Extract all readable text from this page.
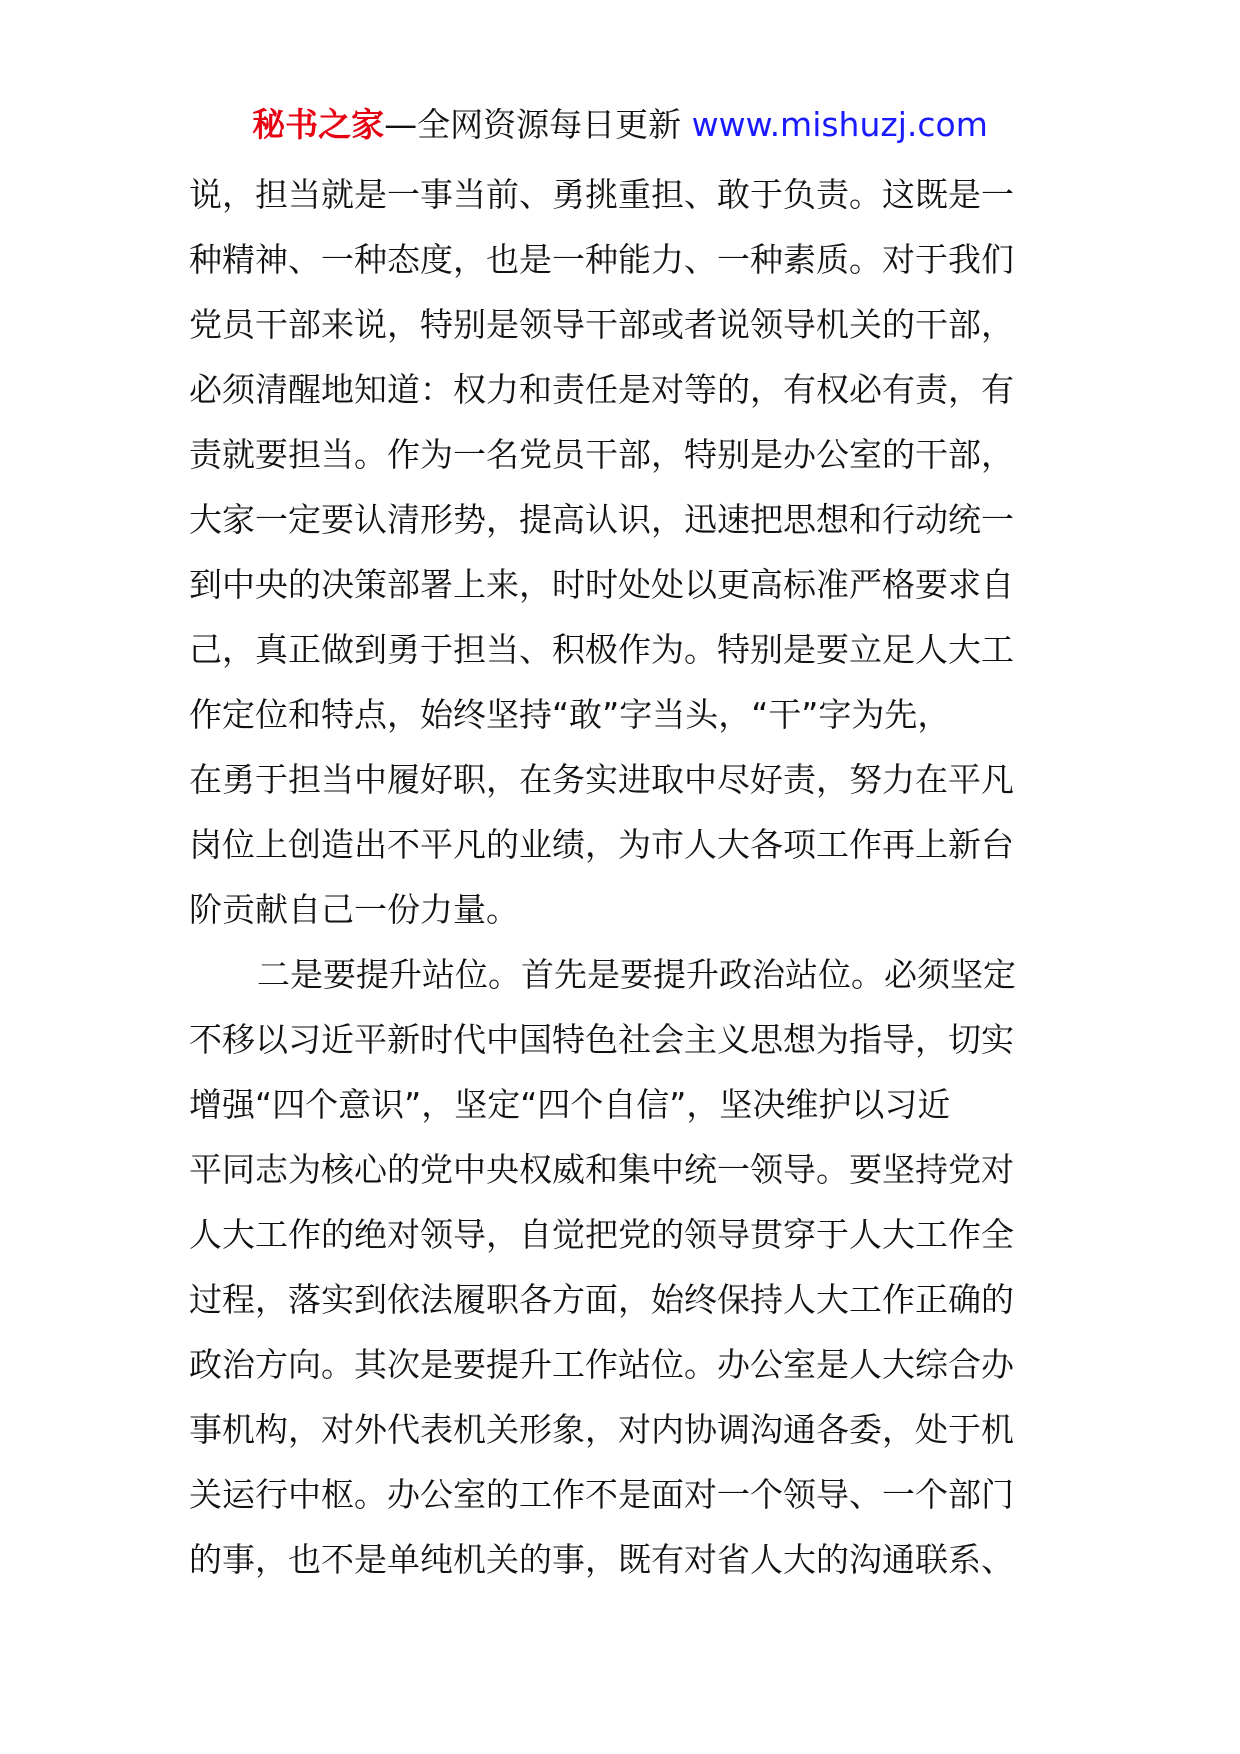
秘书之家—全网资源每日更新 www.mishuzj.com
说，担当就是一事当前、勇挑重担、敢于负责。这既是一
种精神、一种态度，也是一种能力、一种素质。对于我们
党员干部来说，特别是领导干部或者说领导机关的干部，
必须清醒地知道：权力和责任是对等的，有权必有责，有
责就要担当。作为一名党员干部，特别是办公室的干部，
大家一定要认清形势，提高认识，迅速把思想和行动统一
到中央的决策部署上来，时时处处以更高标准严格要求自
己，真正做到勇于担当、积极作为。特别是要立足人大工
作定位和特点，始终坚持“敢”字当头，“干”字为先，
在勇于担当中履好职，在务实进取中尽好责，努力在平凡
岗位上创造出不平凡的业绩，为市人大各项工作再上新台
阶贡献自己一份力量。
二是要提升站位。首先是要提升政治站位。必须坚定
不移以习近平新时代中国特色社会主义思想为指导，切实
增强“四个意识”，坚定“四个自信”，坚决维护以习近
平同志为核心的党中央权威和集中统一领导。要坚持党对
人大工作的绝对领导，自觉把党的领导贯穿于人大工作全
过程，落实到依法履职各方面，始终保持人大工作正确的
政治方向。其次是要提升工作站位。办公室是人大综合办
事机构，对外代表机关形象，对内协调沟通各委，处于机
关运行中枢。办公室的工作不是面对一个领导、一个部门
的事，也不是单纯机关的事，既有对省人大的沟通联系、
